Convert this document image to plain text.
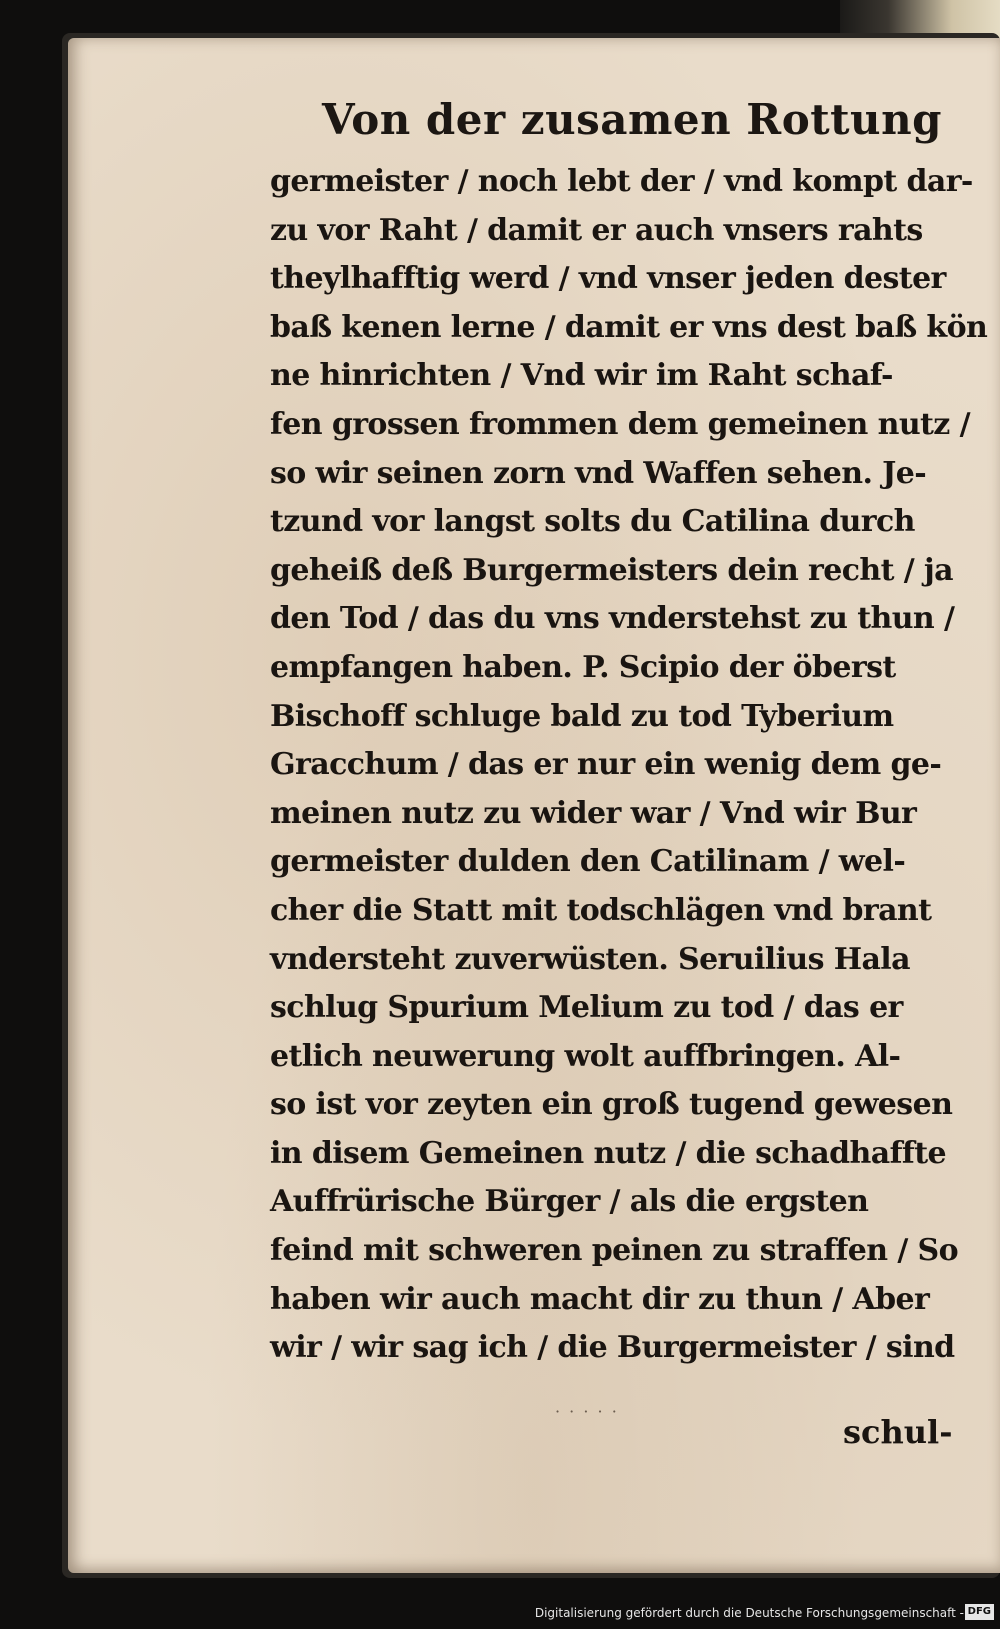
Von der zusamen Rottung
germeister / noch lebt der / vnd kompt dar-
zu vor Raht / damit er auch vnsers rahts
theylhafftig werd / vnd vnser jeden dester
baß kenen lerne / damit er vns dest baß kön
ne hinrichten / Vnd wir im Raht schaf-
fen grossen frommen dem gemeinen nutz /
so wir seinen zorn vnd Waffen sehen. Je-
tzund vor langst solts du Catilina durch
geheiß deß Burgermeisters dein recht / ja
den Tod / das du vns vnderstehst zu thun /
empfangen haben. P. Scipio der öberst
Bischoff schluge bald zu tod Tyberium
Gracchum / das er nur ein wenig dem ge-
meinen nutz zu wider war / Vnd wir Bur
germeister dulden den Catilinam / wel-
cher die Statt mit todschlägen vnd brant
vndersteht zuverwüsten. Seruilius Hala
schlug Spurium Melium zu tod / das er
etlich neuwerung wolt auffbringen. Al-
so ist vor zeyten ein groß tugend gewesen
in disem Gemeinen nutz / die schadhaffte
Auffrürische Bürger / als die ergsten
feind mit schweren peinen zu straffen / So
haben wir auch macht dir zu thun / Aber
wir / wir sag ich / die Burgermeister / sind
· · · · ·
schul-
Digitalisierung gefördert durch die Deutsche Forschungsgemeinschaft - DFG
